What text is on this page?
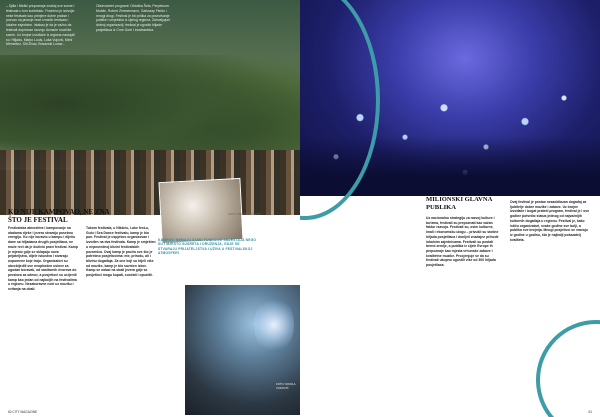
– Djilla i Nikšić prepoznaje značaj ove scene i festivala u tom kontekstu. Posebno je izdvojio neke festivale kao primjere dobre prakse i pozvao na jačanje veze između festivala i lokalne zajednice. Istakao je da je važno da festivali doprinose razvoju domaće muzičke scene. Uz brojne izvođače iz regiona nastupili su: Hiljadu, Marko Louis, Luka Vujović, Mimi Mercedez, Siti Živac, Bosanski Lonac...
Obuhvaćeni programi: Ohioška Šela, Perpetuum Mobile, Robert Zimmermann, Galloway Fields i mnogi drugi. Festival je bio prilika za povezivanje publike i umjetnika iz cijelog regiona. Zahvaljujući dobroj organizaciji, festival je ugostio hiljade posjetilaca iz Crne Gore i inostranstva.
KO NIJE KAMPOVAO, NE ZNA ŠTO JE FESTIVAL
Festivalska atmosfera i kampovanje na obalama rijeke i jezera stvaraju posebnu energiju. Ko nije boravio u kampu i dijelio dane sa hiljadama drugih posjetilaca, ne može reći da je doživio pravi festival. Kamp je mjesto gdje se sklapaju nova prijateljstva, dijele iskustva i stvaraju uspomene koje traju. Organizatori su obezbijedili sve neophodne uslove za ugodan boravak, od sanitarnih čvorova do prostora za odmor, a posjetioci su ocijenili kamp kao jedan od najboljih na festivalima u regionu. Nezaboravne noći uz muziku i svitanja na obali.
Tokom festivala, u Nikšiću, Lake fest-u, Gulu i Sea Dance festivalu, kamp je bio pun. Festival je uspješno organizovan i izvođen na dva festivala. Kamp je smješten u neposrednoj blizini festivalskih pozornica. Ovaj kamp je pružio sve što je potrebno posjetiocima: mir, prirodu, ali i blizinu događaja. Za one koji su htjeli više od muzike, kamp je bio savršen izbor. Kamp se nalazi na obali jezera gdje se posjetioci mogu kupati, sunčati i opustiti.
FOTO: MILENA VUČETIĆ
KAMPOVI NEMAJU SAMO FUNKCIJU SMJEŠTAJA NEGO SU I MJESTO SUSRETA I DRUŽENJA, GDJE SE STVARAJU PRIJATELJSTVA I UŽIVA U FESTIVALSKOJ ATMOSFERI
FOTO: NIKOLA VUKOVIĆ
60 CITY MAGAZINE
MILIONSKI GLAVNA PUBLIKA
Uz nacionalnu strategiju za razvoj kulture i turizma, festivali su prepoznati kao važan faktor razvoja. Festivali su, osim kulturne, imali i ekonomsku ulogu – privukli su stotine hiljada posjetilaca i donijeli značajne prihode lokalnim zajednicama. Festivali su postali brend zemlje, a publika iz cijele Evrope ih prepoznaje kao mjesta vrhunske zabave i kvalitetne muzike. Procjenjuje se da su festivali ukupno ugostili više od 300 hiljada posjetilaca.
Ovaj festival je postao nezaobilazan događaj za ljubitelje dobre muzike i zabave. Uz brojne izvođače i bogat prateći program, festival je i ove godine potvrdio status jednog od najvažnijih kulturnih događaja u regionu. Festival je, kako ističu organizatori, svake godine sve bolji, a publika sve brojnija. Mnogi posjetioci se vraćaju iz godine u godinu, što je najbolji pokazatelj kvaliteta.
61
